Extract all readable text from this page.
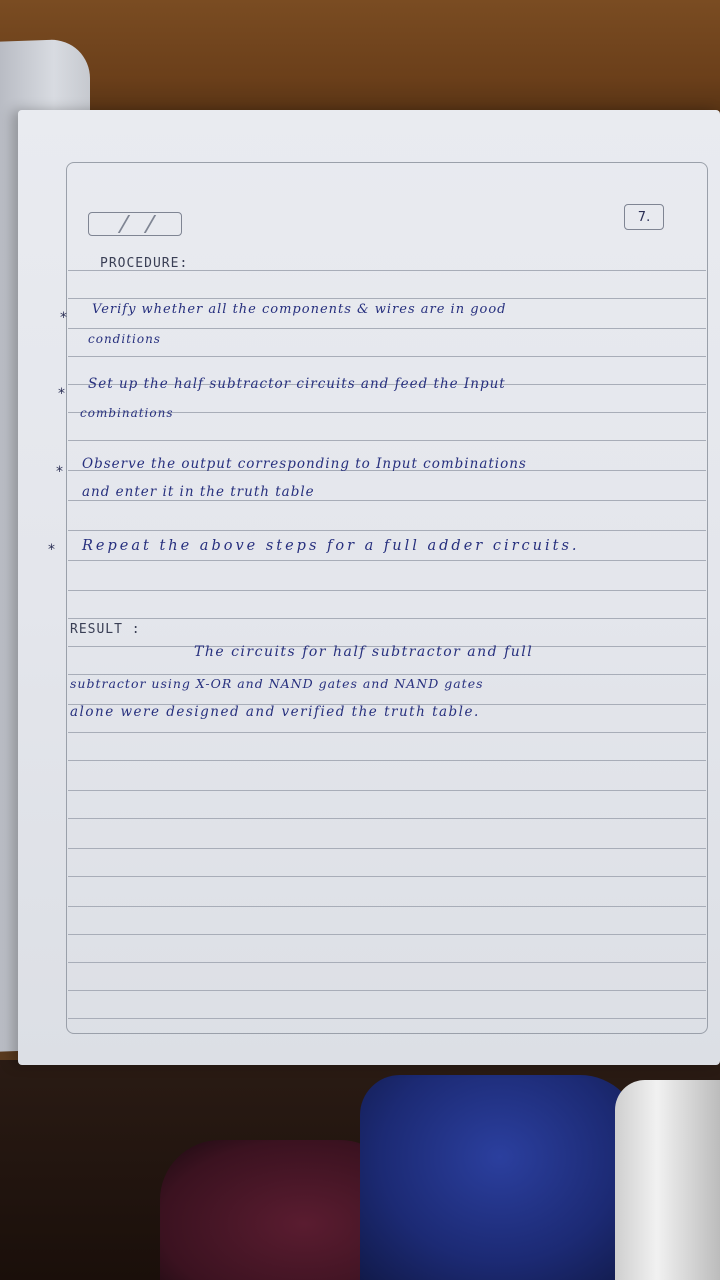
7.
PROCEDURE:
*
Verify whether all the components & wires are in good
conditions
*
Set up the half subtractor circuits and feed the Input
combinations
* Observe the output corresponding to Input combinations
and enter it in the truth table
* Repeat the above steps for a full adder circuits.
RESULT :
The circuits for half subtractor and full
subtractor using X-OR and NAND gates and NAND gates
alone were designed and verified the truth table.
